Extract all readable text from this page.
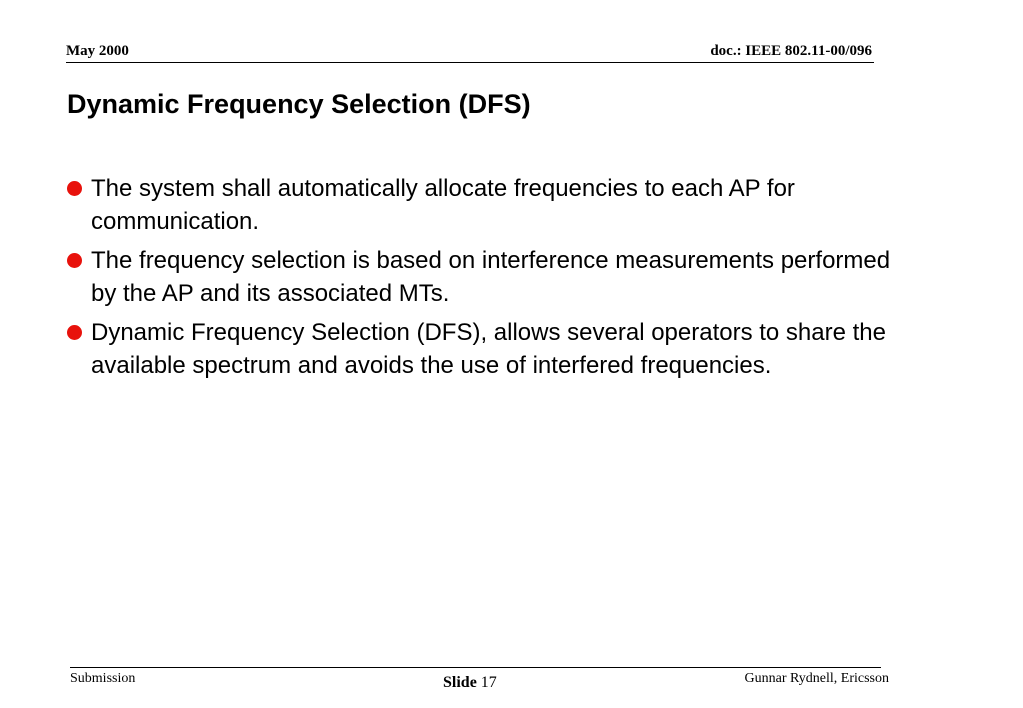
May 2000	doc.: IEEE 802.11-00/096
Dynamic Frequency Selection (DFS)
The system shall automatically allocate frequencies to each AP for communication.
The frequency selection is based on interference measurements performed by the AP and its associated MTs.
Dynamic Frequency Selection (DFS), allows several operators to share the available spectrum and avoids the use of interfered frequencies.
Submission	Slide 17	Gunnar Rydnell, Ericsson
